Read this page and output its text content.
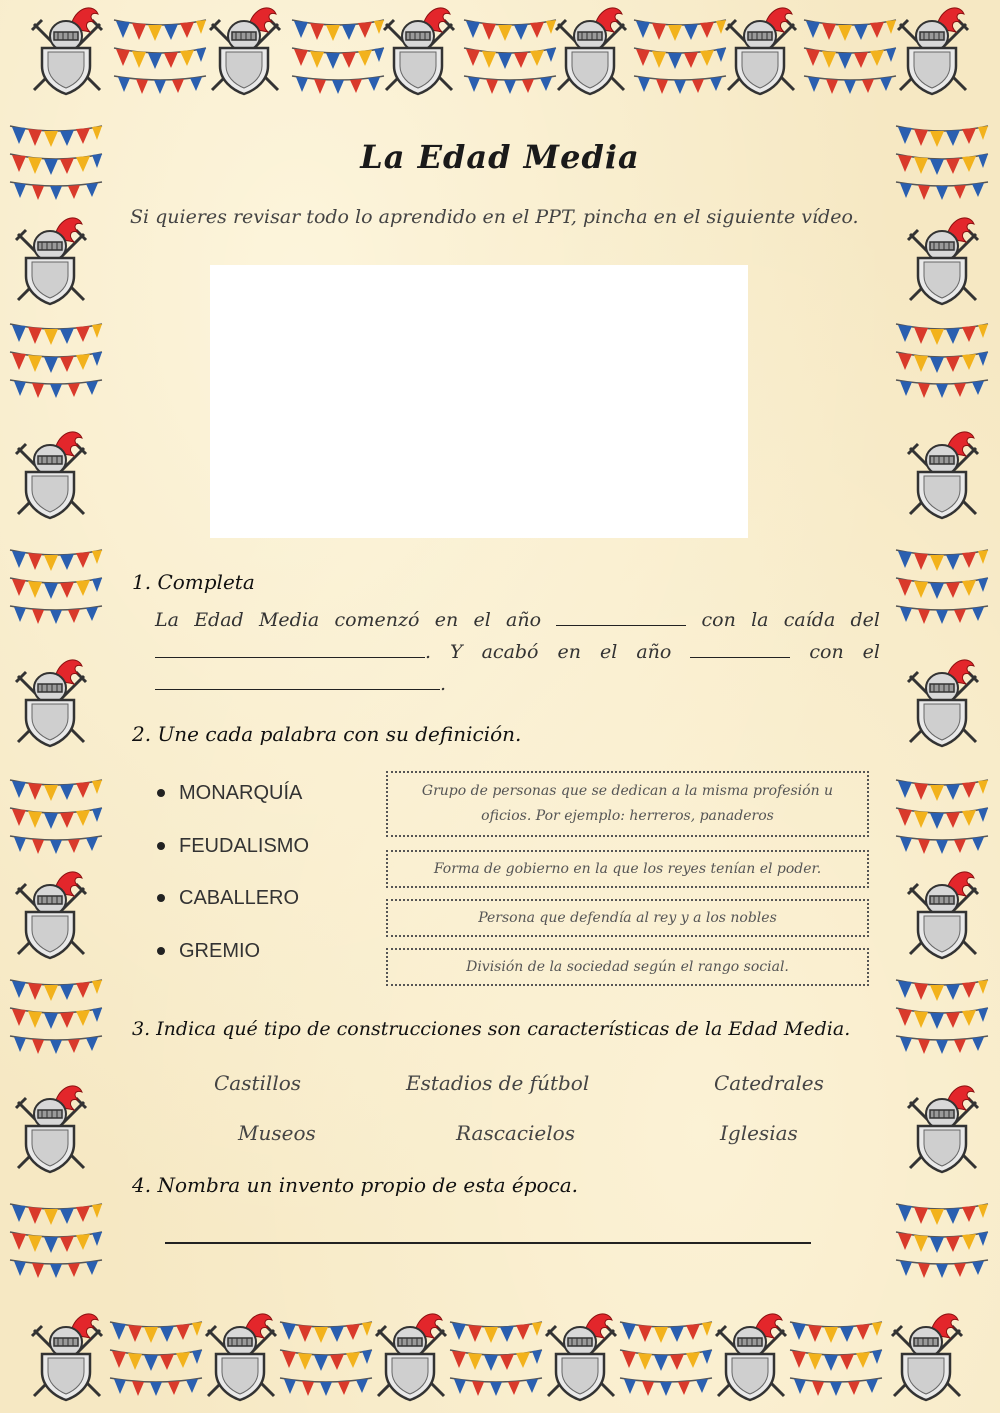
La Edad Media
Si quieres revisar todo lo aprendido en el PPT, pincha en el siguiente vídeo.
1. Completa
La Edad Media comenzó en el año	con la caída del . Y acabó en el año	con el .
2. Une cada palabra con su definición.
MONARQUÍA
FEUDALISMO
CABALLERO
GREMIO
Grupo de personas que se dedican a la misma profesión u oficios. Por ejemplo: herreros, panaderos
Forma de gobierno en la que los reyes tenían el poder.
Persona que defendía al rey y a los nobles
División de la sociedad según el rango social.
3. Indica qué tipo de construcciones son características de la Edad Media.
Castillos	Estadios de fútbol	Catedrales
Museos	Rascacielos	Iglesias
4. Nombra un invento propio de esta época.
